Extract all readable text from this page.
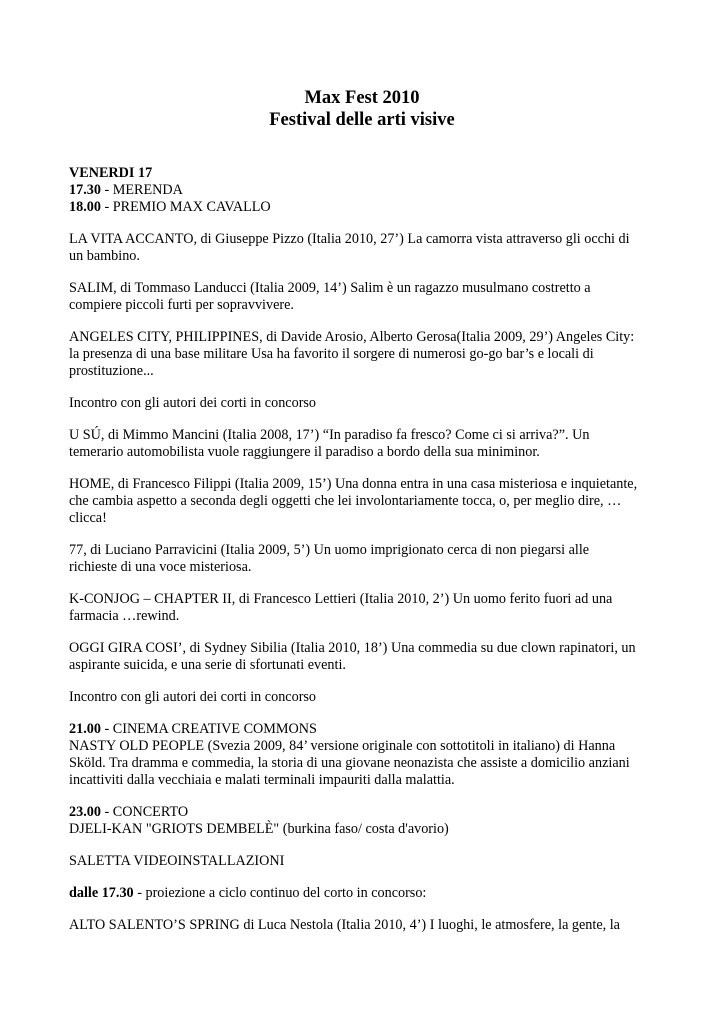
Max Fest 2010
Festival delle arti visive
VENERDI 17
17.30 - MERENDA
18.00 - PREMIO MAX CAVALLO
LA VITA ACCANTO, di Giuseppe Pizzo (Italia 2010, 27’) La camorra vista attraverso gli occhi di
un bambino.
SALIM, di Tommaso Landucci (Italia 2009, 14’) Salim è un ragazzo musulmano costretto a
compiere piccoli furti per sopravvivere.
ANGELES CITY, PHILIPPINES, di Davide Arosio, Alberto Gerosa(Italia 2009, 29’) Angeles City:
la presenza di una base militare Usa ha favorito il sorgere di numerosi go-go bar’s e locali di
prostituzione...
Incontro con gli autori dei corti in concorso
U SÚ, di Mimmo Mancini (Italia 2008, 17’) “In paradiso fa fresco? Come ci si arriva?”. Un
temerario automobilista vuole raggiungere il paradiso a bordo della sua miniminor.
HOME, di Francesco Filippi (Italia 2009, 15’) Una donna entra in una casa misteriosa e inquietante,
che cambia aspetto a seconda degli oggetti che lei involontariamente tocca, o, per meglio dire, …
clicca!
77, di Luciano Parravicini (Italia 2009, 5’) Un uomo imprigionato cerca di non piegarsi alle
richieste di una voce misteriosa.
K-CONJOG – CHAPTER II, di Francesco Lettieri (Italia 2010, 2’) Un uomo ferito fuori ad una
farmacia …rewind.
OGGI GIRA COSI’, di Sydney Sibilia (Italia 2010, 18’) Una commedia su due clown rapinatori, un
aspirante suicida, e una serie di sfortunati eventi.
Incontro con gli autori dei corti in concorso
21.00 - CINEMA CREATIVE COMMONS
NASTY OLD PEOPLE (Svezia 2009, 84’ versione originale con sottotitoli in italiano) di Hanna
Sköld. Tra dramma e commedia, la storia di una giovane neonazista che assiste a domicilio anziani
incattiviti dalla vecchiaia e malati terminali impauriti dalla malattia.
23.00 - CONCERTO
DJELI-KAN "GRIOTS DEMBELÈ" (burkina faso/ costa d'avorio)
SALETTA VIDEOINSTALLAZIONI
dalle 17.30 - proiezione a ciclo continuo del corto in concorso:
ALTO SALENTO’S SPRING di Luca Nestola (Italia 2010, 4’) I luoghi, le atmosfere, la gente, la
